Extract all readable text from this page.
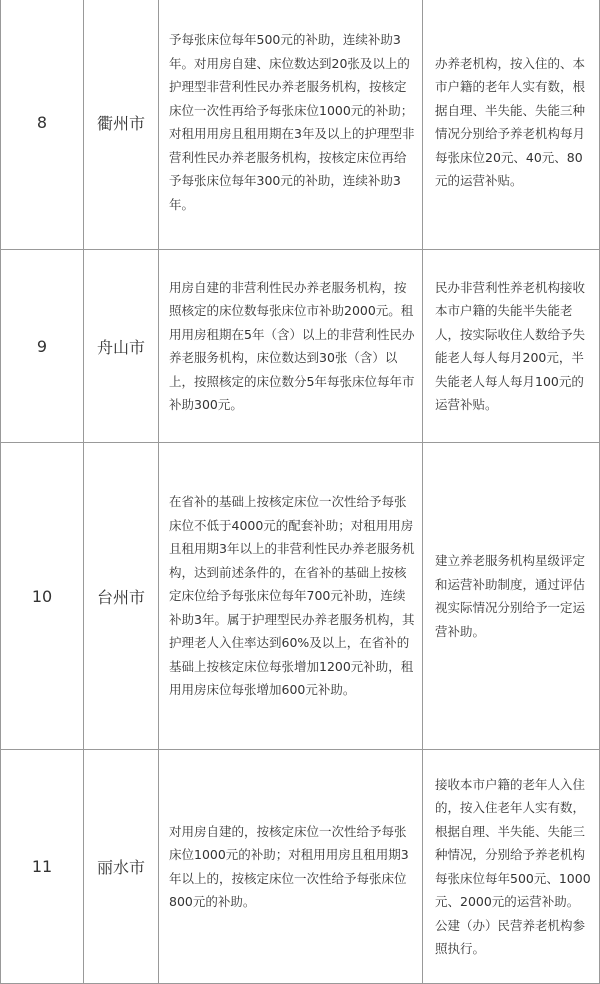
8	衢州市	予每张床位每年500元的补助，连续补助3年。对用房自建、床位数达到20张及以上的护理型非营利性民办养老服务机构，按核定床位一次性再给予每张床位1000元的补助；对租用用房且租用期在3年及以上的护理型非营利性民办养老服务机构，按核定床位再给予每张床位每年300元的补助，连续补助3年。	办养老机构，按入住的、本市户籍的老年人实有数，根据自理、半失能、失能三种情况分别给予养老机构每月每张床位20元、40元、80元的运营补贴。
9	舟山市	用房自建的非营利性民办养老服务机构，按照核定的床位数每张床位市补助2000元。租用用房租期在5年（含）以上的非营利性民办养老服务机构，床位数达到30张（含）以上，按照核定的床位数分5年每张床位每年市补助300元。	民办非营利性养老机构接收本市户籍的失能半失能老人，按实际收住人数给予失能老人每人每月200元，半失能老人每人每月100元的运营补贴。
10	台州市	在省补的基础上按核定床位一次性给予每张床位不低于4000元的配套补助；对租用用房且租用期3年以上的非营利性民办养老服务机构，达到前述条件的，在省补的基础上按核定床位给予每张床位每年700元补助，连续补助3年。属于护理型民办养老服务机构，其护理老人入住率达到60%及以上，在省补的基础上按核定床位每张增加1200元补助，租用用房床位每张增加600元补助。	建立养老服务机构星级评定和运营补助制度，通过评估视实际情况分别给予一定运营补助。
11	丽水市	对用房自建的，按核定床位一次性给予每张床位1000元的补助；对租用用房且租用期3年以上的，按核定床位一次性给予每张床位800元的补助。	接收本市户籍的老年人入住的，按入住老年人实有数，根据自理、半失能、失能三种情况，分别给予养老机构每张床位每年500元、1000元、2000元的运营补助。公建（办）民营养老机构参照执行。
